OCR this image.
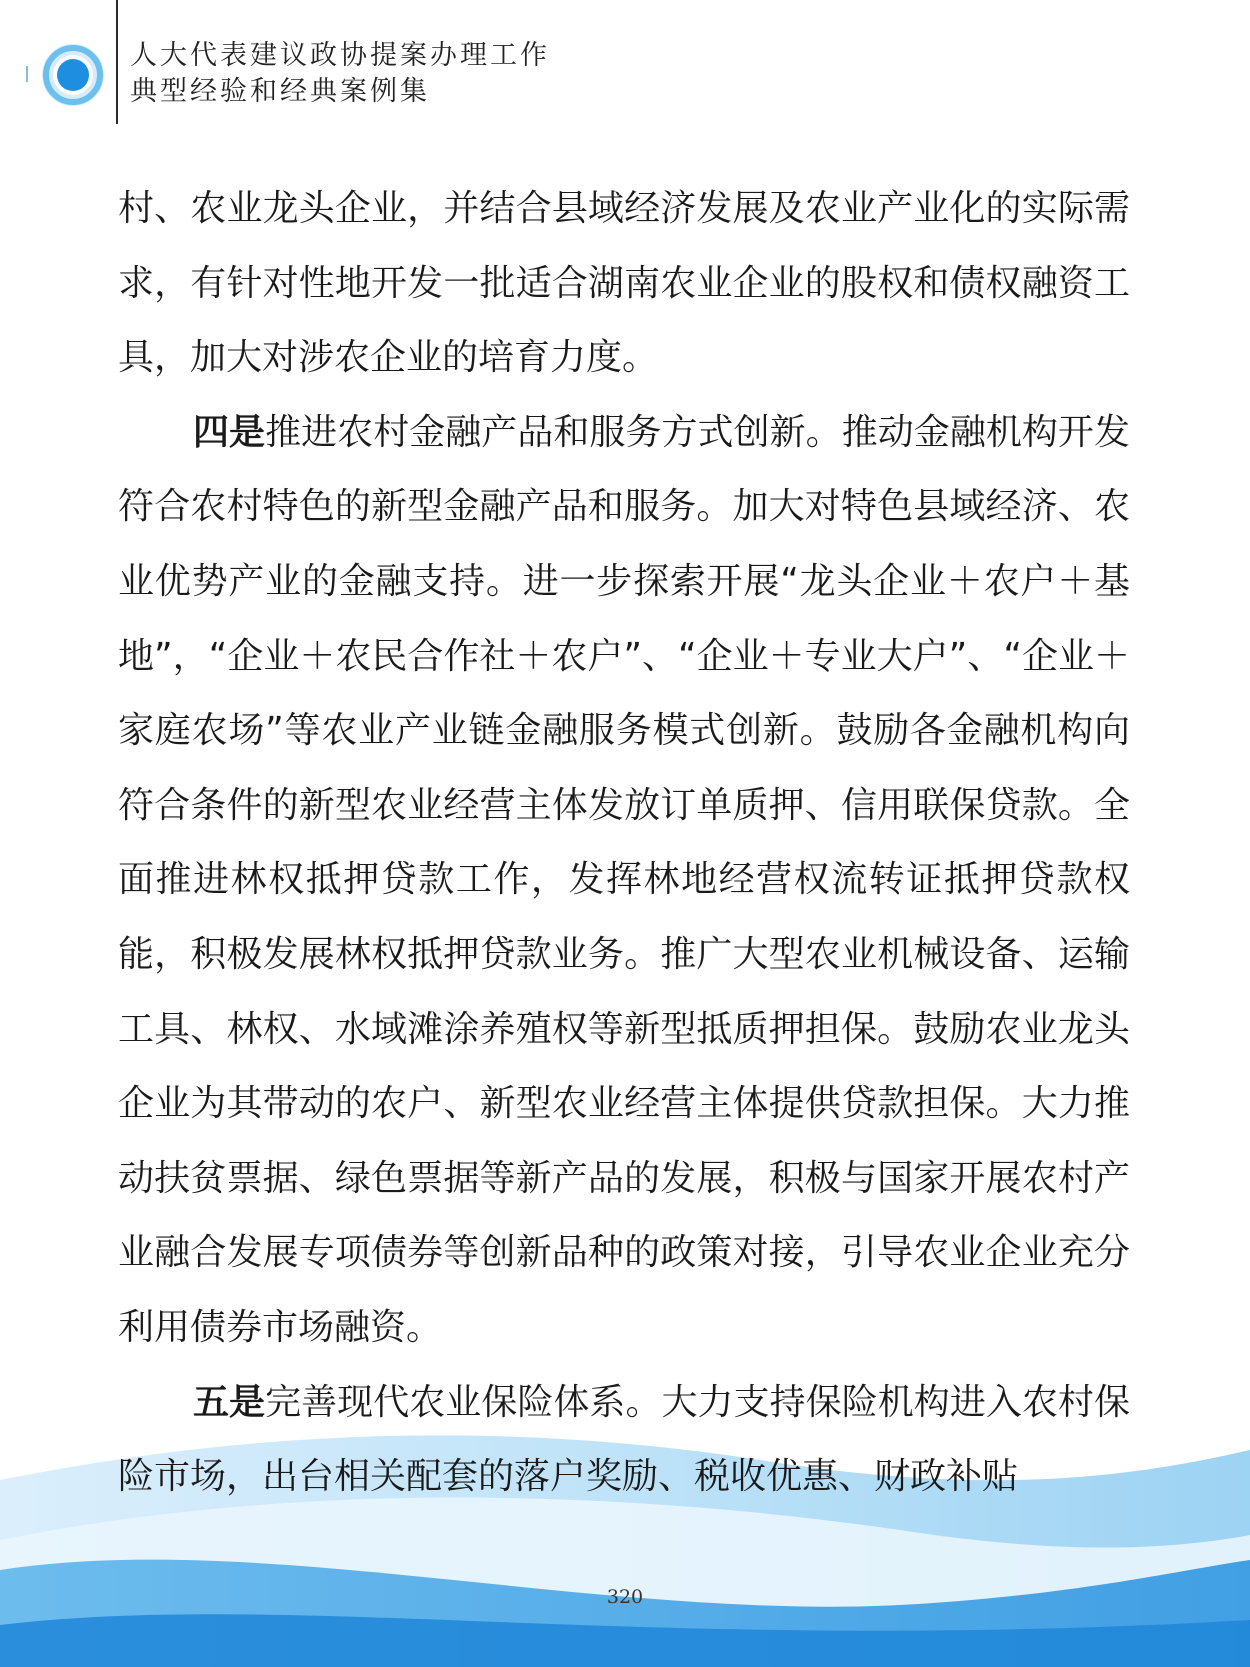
人大代表建议政协提案办理工作
典型经验和经典案例集

村、农业龙头企业，并结合县域经济发展及农业产业化的实际需求，有针对性地开发一批适合湖南农业企业的股权和债权融资工具，加大对涉农企业的培育力度。

四是推进农村金融产品和服务方式创新。推动金融机构开发符合农村特色的新型金融产品和服务。加大对特色县域经济、农业优势产业的金融支持。进一步探索开展“龙头企业＋农户＋基地”，“企业＋农民合作社＋农户”、“企业＋专业大户”、“企业＋家庭农场”等农业产业链金融服务模式创新。鼓励各金融机构向符合条件的新型农业经营主体发放订单质押、信用联保贷款。全面推进林权抵押贷款工作，发挥林地经营权流转证抵押贷款权能，积极发展林权抵押贷款业务。推广大型农业机械设备、运输工具、林权、水域滩涂养殖权等新型抵质押担保。鼓励农业龙头企业为其带动的农户、新型农业经营主体提供贷款担保。大力推动扶贫票据、绿色票据等新产品的发展，积极与国家开展农村产业融合发展专项债券等创新品种的政策对接，引导农业企业充分利用债券市场融资。

五是完善现代农业保险体系。大力支持保险机构进入农村保险市场，出台相关配套的落户奖励、税收优惠、财政补贴

320
